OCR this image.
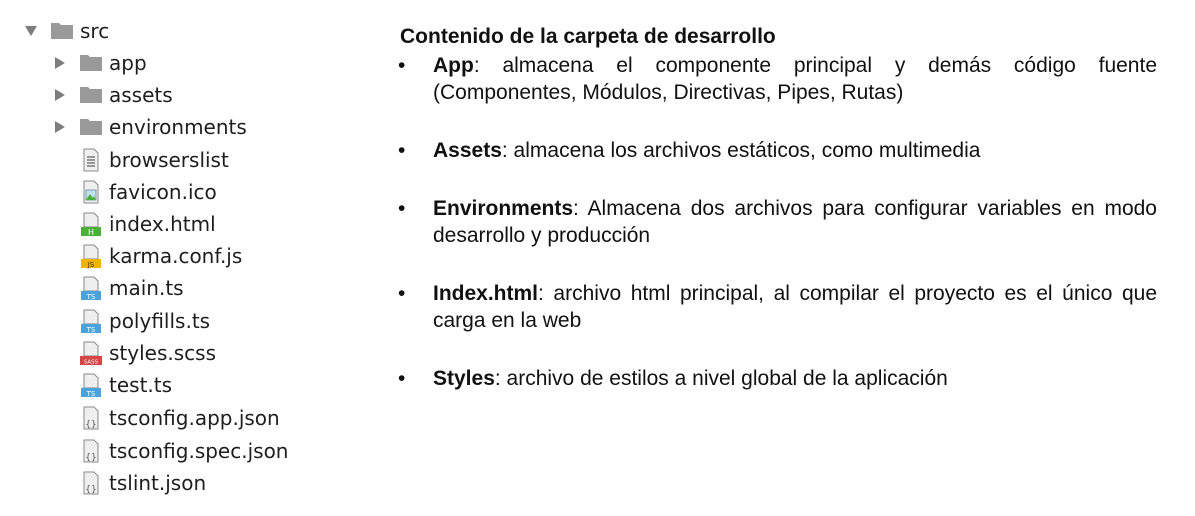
src
app
assets
environments
browserslist
favicon.ico
H index.html
JS karma.conf.js
TS main.ts
TS polyfills.ts
SASS styles.scss
TS test.ts
{} tsconfig.app.json
{} tsconfig.spec.json
{} tslint.json
Contenido de la carpeta de desarrollo
• App: almacena el componente principal y demás código fuente (Componentes, Módulos, Directivas, Pipes, Rutas)
• Assets: almacena los archivos estáticos, como multimedia
• Environments: Almacena dos archivos para configurar variables en modo desarrollo y producción
• Index.html: archivo html principal, al compilar el proyecto es el único que carga en la web
• Styles: archivo de estilos a nivel global de la aplicación
